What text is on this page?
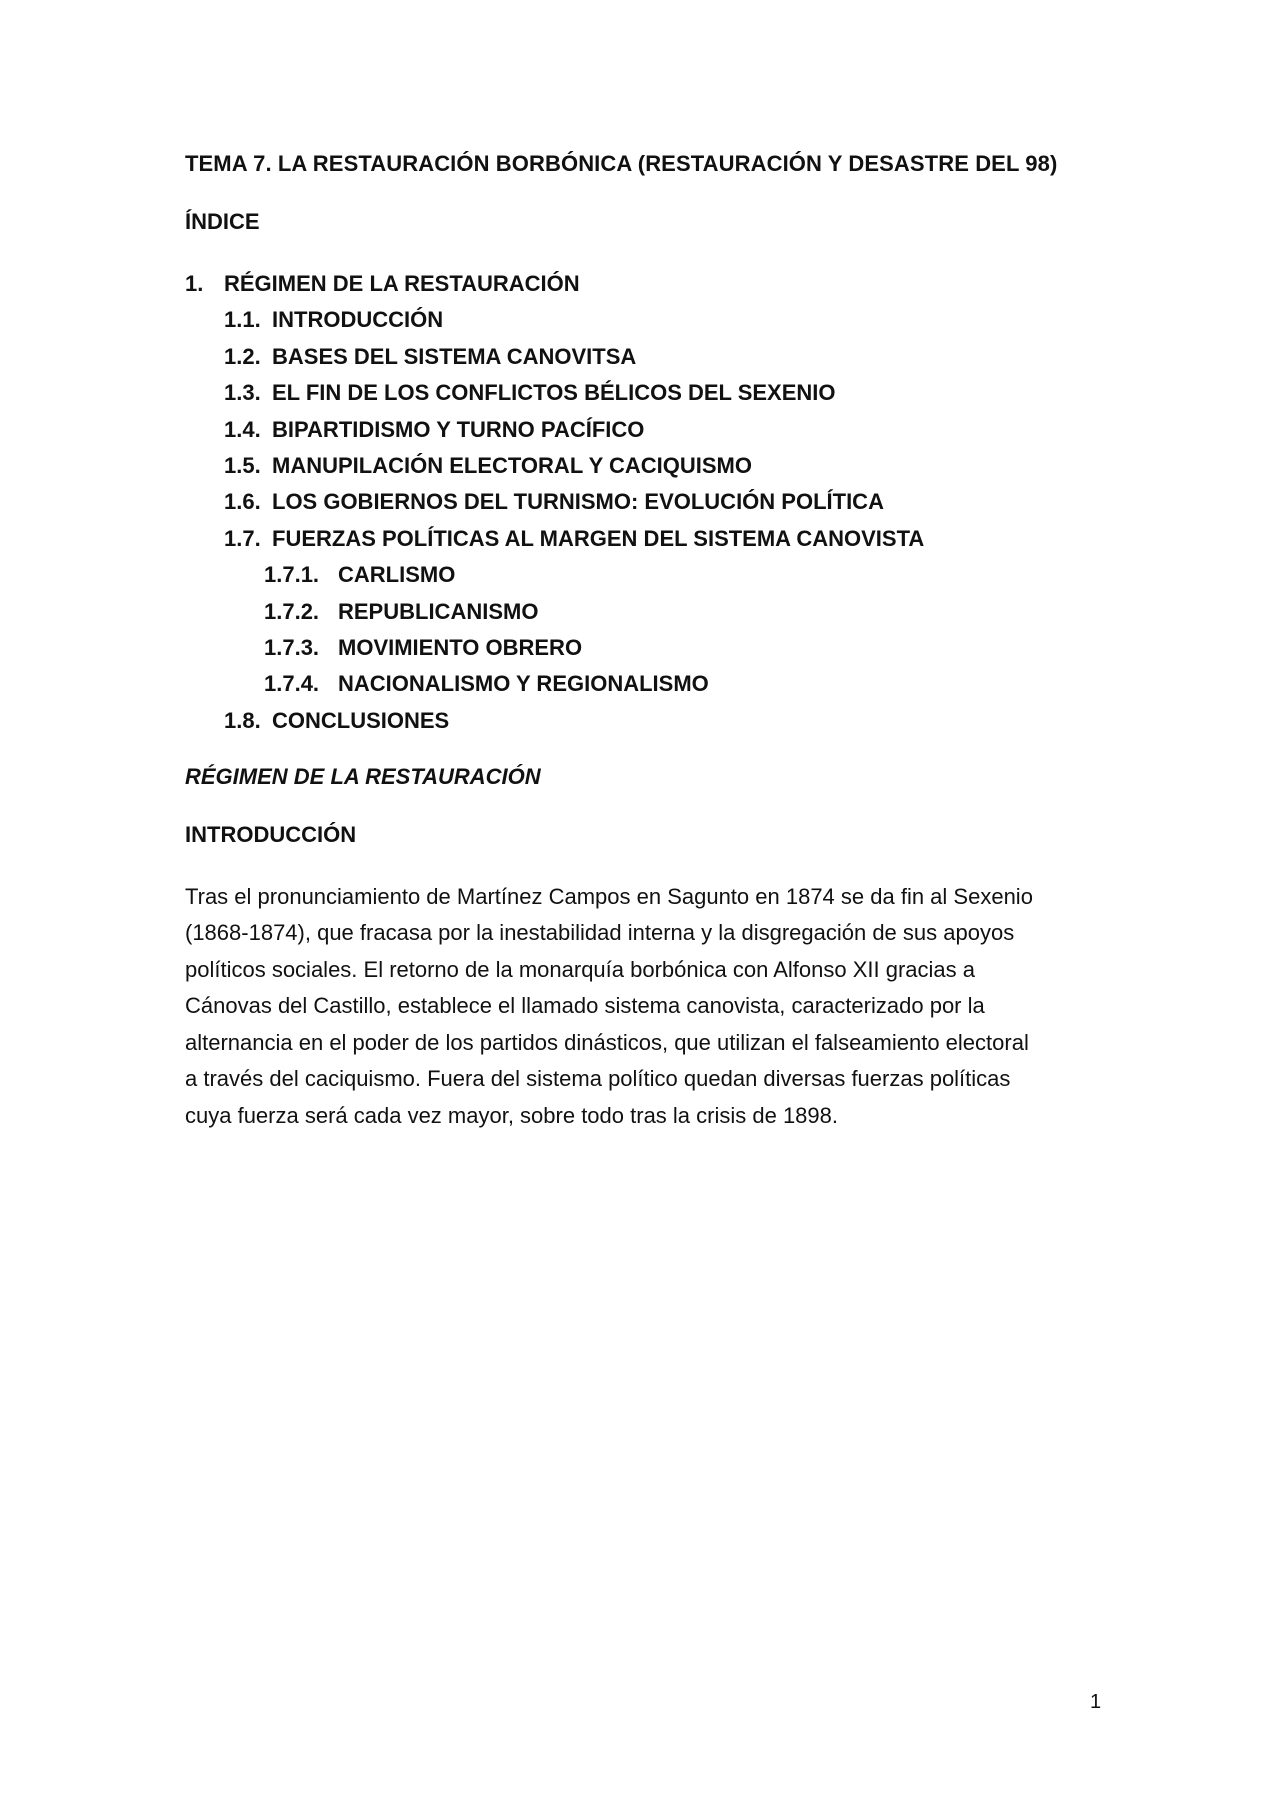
TEMA 7. LA RESTAURACIÓN BORBÓNICA (RESTAURACIÓN Y DESASTRE DEL 98)
ÍNDICE
1. RÉGIMEN DE LA RESTAURACIÓN
1.1. INTRODUCCIÓN
1.2. BASES DEL SISTEMA CANOVITSA
1.3. EL FIN DE LOS CONFLICTOS BÉLICOS DEL SEXENIO
1.4. BIPARTIDISMO Y TURNO PACÍFICO
1.5. MANUPILACIÓN ELECTORAL Y CACIQUISMO
1.6. LOS GOBIERNOS DEL TURNISMO: EVOLUCIÓN POLÍTICA
1.7. FUERZAS POLÍTICAS AL MARGEN DEL SISTEMA CANOVISTA
1.7.1. CARLISMO
1.7.2. REPUBLICANISMO
1.7.3. MOVIMIENTO OBRERO
1.7.4. NACIONALISMO Y REGIONALISMO
1.8. CONCLUSIONES
RÉGIMEN DE LA RESTAURACIÓN
INTRODUCCIÓN
Tras el pronunciamiento de Martínez Campos en Sagunto en 1874 se da fin al Sexenio
(1868-1874), que fracasa por la inestabilidad interna y la disgregación de sus apoyos
políticos sociales. El retorno de la monarquía borbónica con Alfonso XII gracias a
Cánovas del Castillo, establece el llamado sistema canovista, caracterizado por la
alternancia en el poder de los partidos dinásticos, que utilizan el falseamiento electoral
a través del caciquismo. Fuera del sistema político quedan diversas fuerzas políticas
cuya fuerza será cada vez mayor, sobre todo tras la crisis de 1898.
1
